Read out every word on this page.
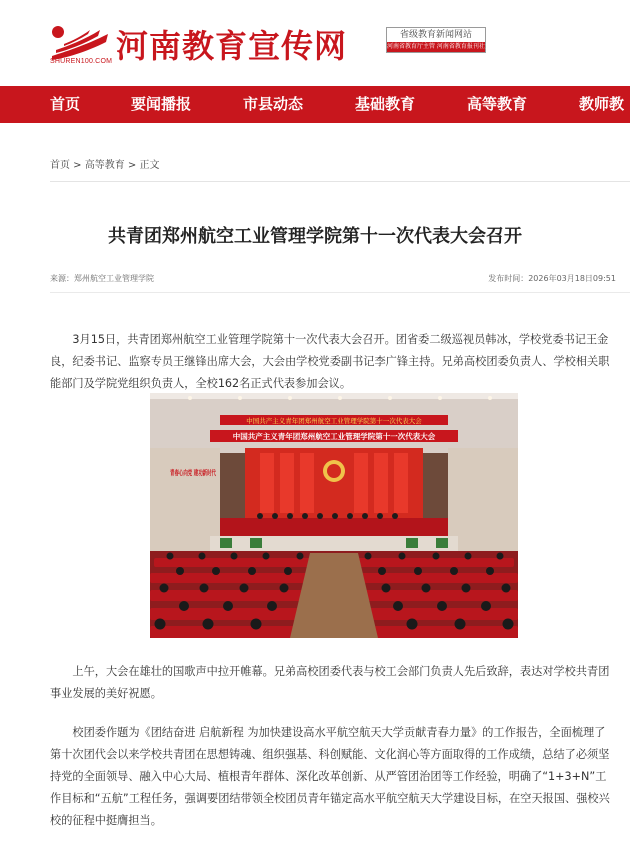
SHUREN100.COM 河南教育宣传网	省级教育新闻网站
河南省教育厅主管 河南省教育报刊社主办
首页	要闻播报	市县动态	基础教育	高等教育	教师教
首页 > 高等教育 > 正文
共青团郑州航空工业管理学院第十一次代表大会召开
来源：郑州航空工业管理学院	发布时间：2026年03月18日09:51
3月15日，共青团郑州航空工业管理学院第十一次代表大会召开。团省委二级巡视员韩冰，学校党委书记王金良，纪委书记、监察专员王继锋出席大会，大会由学校党委副书记李广锋主持。兄弟高校团委负责人、学校相关职能部门及学院党组织负责人，全校162名正式代表参加会议。
中国共产主义青年团郑州航空工业管理学院第十一次代表大会
中国共产主义青年团郑州航空工业管理学院第十一次代表大会
青春心向党 建功新时代
上午，大会在雄壮的国歌声中拉开帷幕。兄弟高校团委代表与校工会部门负责人先后致辞，表达对学校共青团事业发展的美好祝愿。
校团委作题为《团结奋进 启航新程 为加快建设高水平航空航天大学贡献青春力量》的工作报告，全面梳理了第十次团代会以来学校共青团在思想铸魂、组织强基、科创赋能、文化润心等方面取得的工作成绩，总结了必须坚持党的全面领导、融入中心大局、植根青年群体、深化改革创新、从严管团治团等工作经验，明确了“1+3+N”工作目标和“五航”工程任务，强调要团结带领全校团员青年锚定高水平航空航天大学建设目标，在空天报国、强校兴校的征程中挺膺担当。
